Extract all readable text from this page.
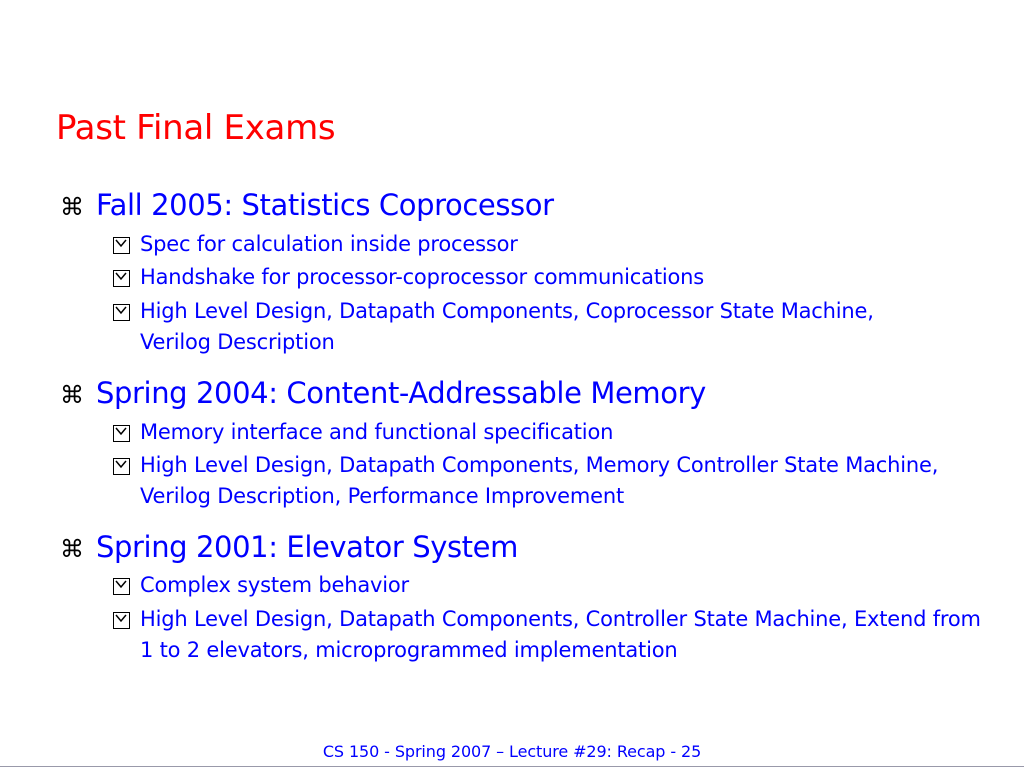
Past Final Exams
⌘ Fall 2005: Statistics Coprocessor
Spec for calculation inside processor
Handshake for processor-coprocessor communications
High Level Design, Datapath Components, Coprocessor State Machine, Verilog Description
⌘ Spring 2004: Content-Addressable Memory
Memory interface and functional specification
High Level Design, Datapath Components, Memory Controller State Machine, Verilog Description, Performance Improvement
⌘ Spring 2001: Elevator System
Complex system behavior
High Level Design, Datapath Components, Controller State Machine, Extend from 1 to 2 elevators, microprogrammed implementation
CS 150 - Spring 2007 – Lecture #29: Recap - 25
